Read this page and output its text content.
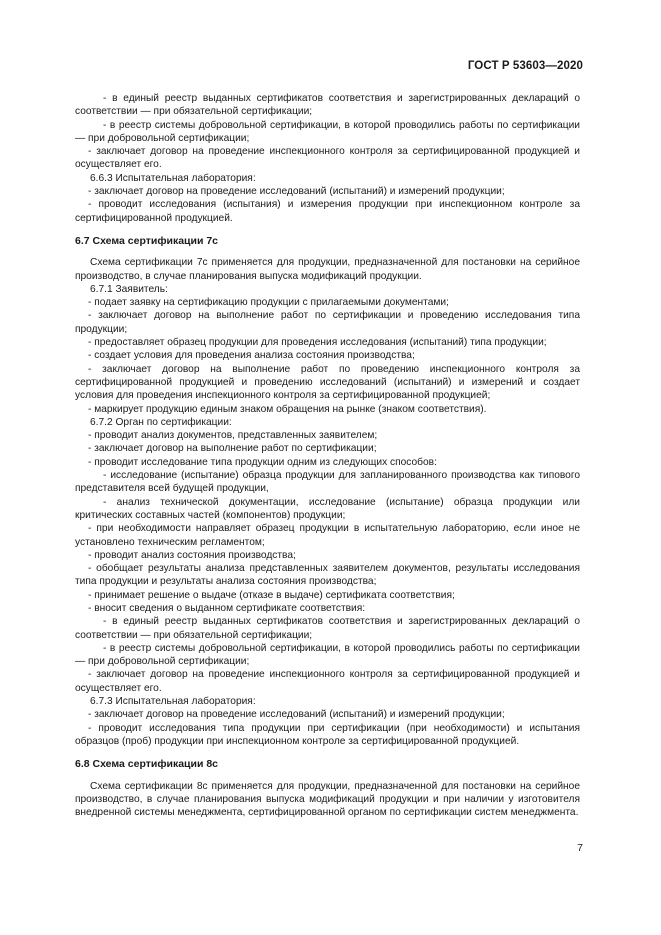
ГОСТ Р 53603—2020

- в единый реестр выданных сертификатов соответствия и зарегистрированных деклараций о соответствии — при обязательной сертификации;

- в реестр системы добровольной сертификации, в которой проводились работы по сертификации — при добровольной сертификации;

- заключает договор на проведение инспекционного контроля за сертифицированной продукцией и осуществляет его.

6.6.3 Испытательная лаборатория:

- заключает договор на проведение исследований (испытаний) и измерений продукции;

- проводит исследования (испытания) и измерения продукции при инспекционном контроле за сертифицированной продукцией.

6.7 Схема сертификации 7с

Схема сертификации 7с применяется для продукции, предназначенной для постановки на серийное производство, в случае планирования выпуска модификаций продукции.

6.7.1 Заявитель:

- подает заявку на сертификацию продукции с прилагаемыми документами;

- заключает договор на выполнение работ по сертификации и проведению исследования типа продукции;

- предоставляет образец продукции для проведения исследования (испытаний) типа продукции;

- создает условия для проведения анализа состояния производства;

- заключает договор на выполнение работ по проведению инспекционного контроля за сертифицированной продукцией и проведению исследований (испытаний) и измерений и создает условия для проведения инспекционного контроля за сертифицированной продукцией;

- маркирует продукцию единым знаком обращения на рынке (знаком соответствия).

6.7.2 Орган по сертификации:

- проводит анализ документов, представленных заявителем;

- заключает договор на выполнение работ по сертификации;

- проводит исследование типа продукции одним из следующих способов:

- исследование (испытание) образца продукции для запланированного производства как типового представителя всей будущей продукции,

- анализ технической документации, исследование (испытание) образца продукции или критических составных частей (компонентов) продукции;

- при необходимости направляет образец продукции в испытательную лабораторию, если иное не установлено техническим регламентом;

- проводит анализ состояния производства;

- обобщает результаты анализа представленных заявителем документов, результаты исследования типа продукции и результаты анализа состояния производства;

- принимает решение о выдаче (отказе в выдаче) сертификата соответствия;

- вносит сведения о выданном сертификате соответствия:

- в единый реестр выданных сертификатов соответствия и зарегистрированных деклараций о соответствии — при обязательной сертификации;

- в реестр системы добровольной сертификации, в которой проводились работы по сертификации — при добровольной сертификации;

- заключает договор на проведение инспекционного контроля за сертифицированной продукцией и осуществляет его.

6.7.3 Испытательная лаборатория:

- заключает договор на проведение исследований (испытаний) и измерений продукции;

- проводит исследования типа продукции при сертификации (при необходимости) и испытания образцов (проб) продукции при инспекционном контроле за сертифицированной продукцией.

6.8 Схема сертификации 8с

Схема сертификации 8с применяется для продукции, предназначенной для постановки на серийное производство, в случае планирования выпуска модификаций продукции и при наличии у изготовителя внедренной системы менеджмента, сертифицированной органом по сертификации систем менеджмента.

7
